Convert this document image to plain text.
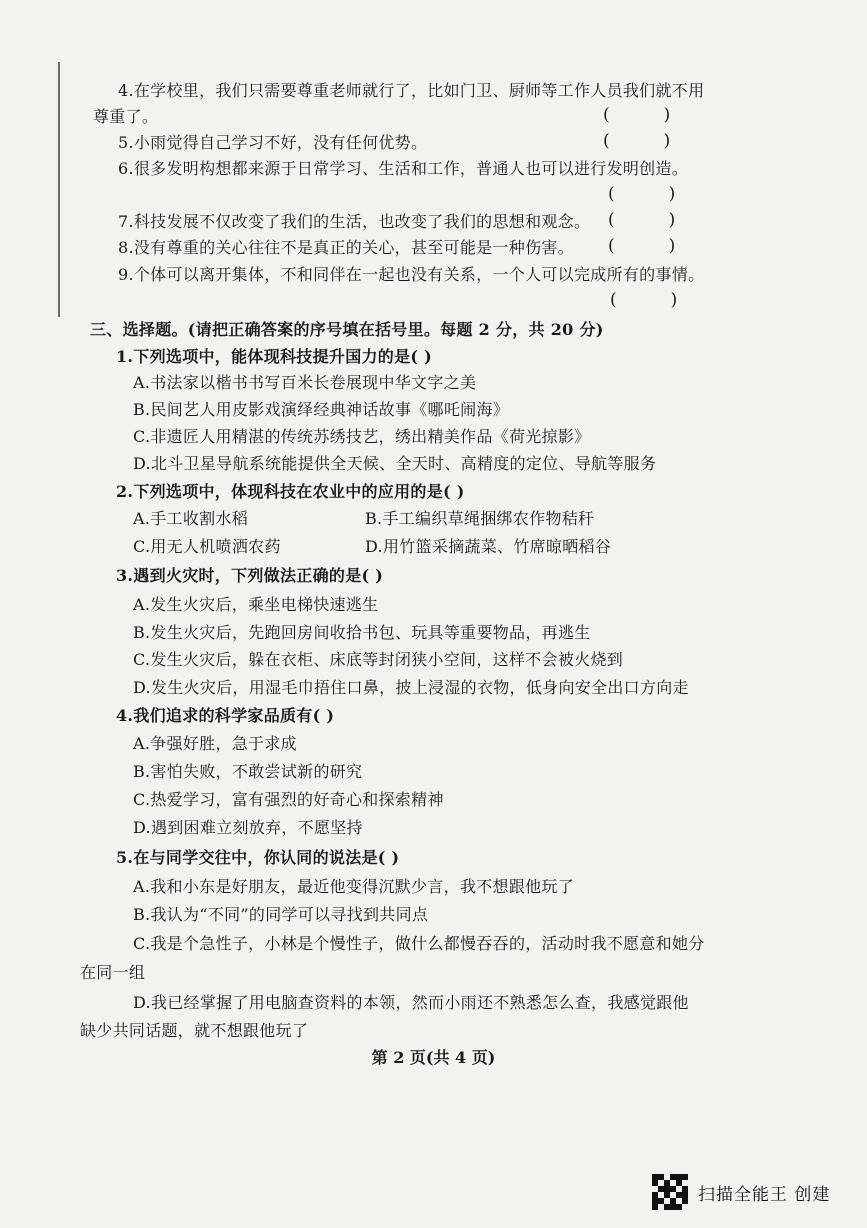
4.在学校里，我们只需要尊重老师就行了，比如门卫、厨师等工作人员我们就不用
尊重了。	(          )
5.小雨觉得自己学习不好，没有任何优势。	(          )
6.很多发明构想都来源于日常学习、生活和工作，普通人也可以进行发明创造。
(          )
7.科技发展不仅改变了我们的生活，也改变了我们的思想和观念。 (          )
8.没有尊重的关心往往不是真正的关心，甚至可能是一种伤害。 (          )
9.个体可以离开集体，不和同伴在一起也没有关系，一个人可以完成所有的事情。
(          )
三、选择题。(请把正确答案的序号填在括号里。每题 2 分，共 20 分)
1.下列选项中，能体现科技提升国力的是( )
A.书法家以楷书书写百米长卷展现中华文字之美
B.民间艺人用皮影戏演绎经典神话故事《哪吒闹海》
C.非遗匠人用精湛的传统苏绣技艺，绣出精美作品《荷光掠影》
D.北斗卫星导航系统能提供全天候、全天时、高精度的定位、导航等服务
2.下列选项中，体现科技在农业中的应用的是( )
A.手工收割水稻	B.手工编织草绳捆绑农作物秸秆
C.用无人机喷洒农药	D.用竹篮采摘蔬菜、竹席晾晒稻谷
3.遇到火灾时，下列做法正确的是( )
A.发生火灾后，乘坐电梯快速逃生
B.发生火灾后，先跑回房间收拾书包、玩具等重要物品，再逃生
C.发生火灾后，躲在衣柜、床底等封闭狭小空间，这样不会被火烧到
D.发生火灾后，用湿毛巾捂住口鼻，披上浸湿的衣物，低身向安全出口方向走
4.我们追求的科学家品质有( )
A.争强好胜，急于求成
B.害怕失败，不敢尝试新的研究
C.热爱学习，富有强烈的好奇心和探索精神
D.遇到困难立刻放弃，不愿坚持
5.在与同学交往中，你认同的说法是( )
A.我和小东是好朋友，最近他变得沉默少言，我不想跟他玩了
B.我认为“不同”的同学可以寻找到共同点
C.我是个急性子，小林是个慢性子，做什么都慢吞吞的，活动时我不愿意和她分
在同一组
D.我已经掌握了用电脑查资料的本领，然而小雨还不熟悉怎么查，我感觉跟他
缺少共同话题，就不想跟他玩了
第 2 页(共 4 页)
扫描全能王 创建
